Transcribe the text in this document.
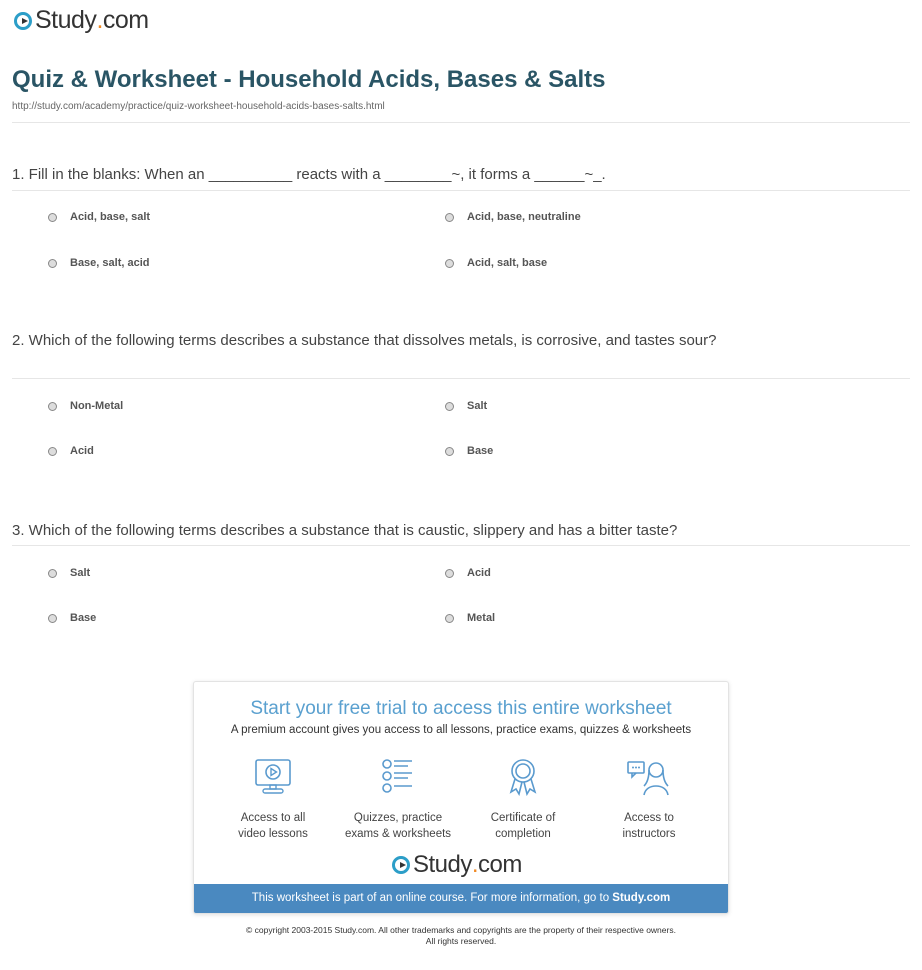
Study . com
Quiz & Worksheet - Household Acids, Bases & Salts
http://study.com/academy/practice/quiz-worksheet-household-acids-bases-salts.html
1. Fill in the blanks: When an __________ reacts with a ________~, it forms a ______~_.
Acid, base, salt	Acid, base, neutraline
Base, salt, acid	Acid, salt, base
2. Which of the following terms describes a substance that dissolves metals, is corrosive, and tastes sour?
Non-Metal	Salt
Acid	Base
3. Which of the following terms describes a substance that is caustic, slippery and has a bitter taste?
Salt	Acid
Base	Metal
Start your free trial to access this entire worksheet
A premium account gives you access to all lessons, practice exams, quizzes & worksheets
Access to all
video lessons
Quizzes, practice
exams & worksheets
Certificate of
completion
Access to
instructors
Study . com
This worksheet is part of an online course. For more information, go to Study.com
© copyright 2003-2015 Study.com. All other trademarks and copyrights are the property of their respective owners.
All rights reserved.
